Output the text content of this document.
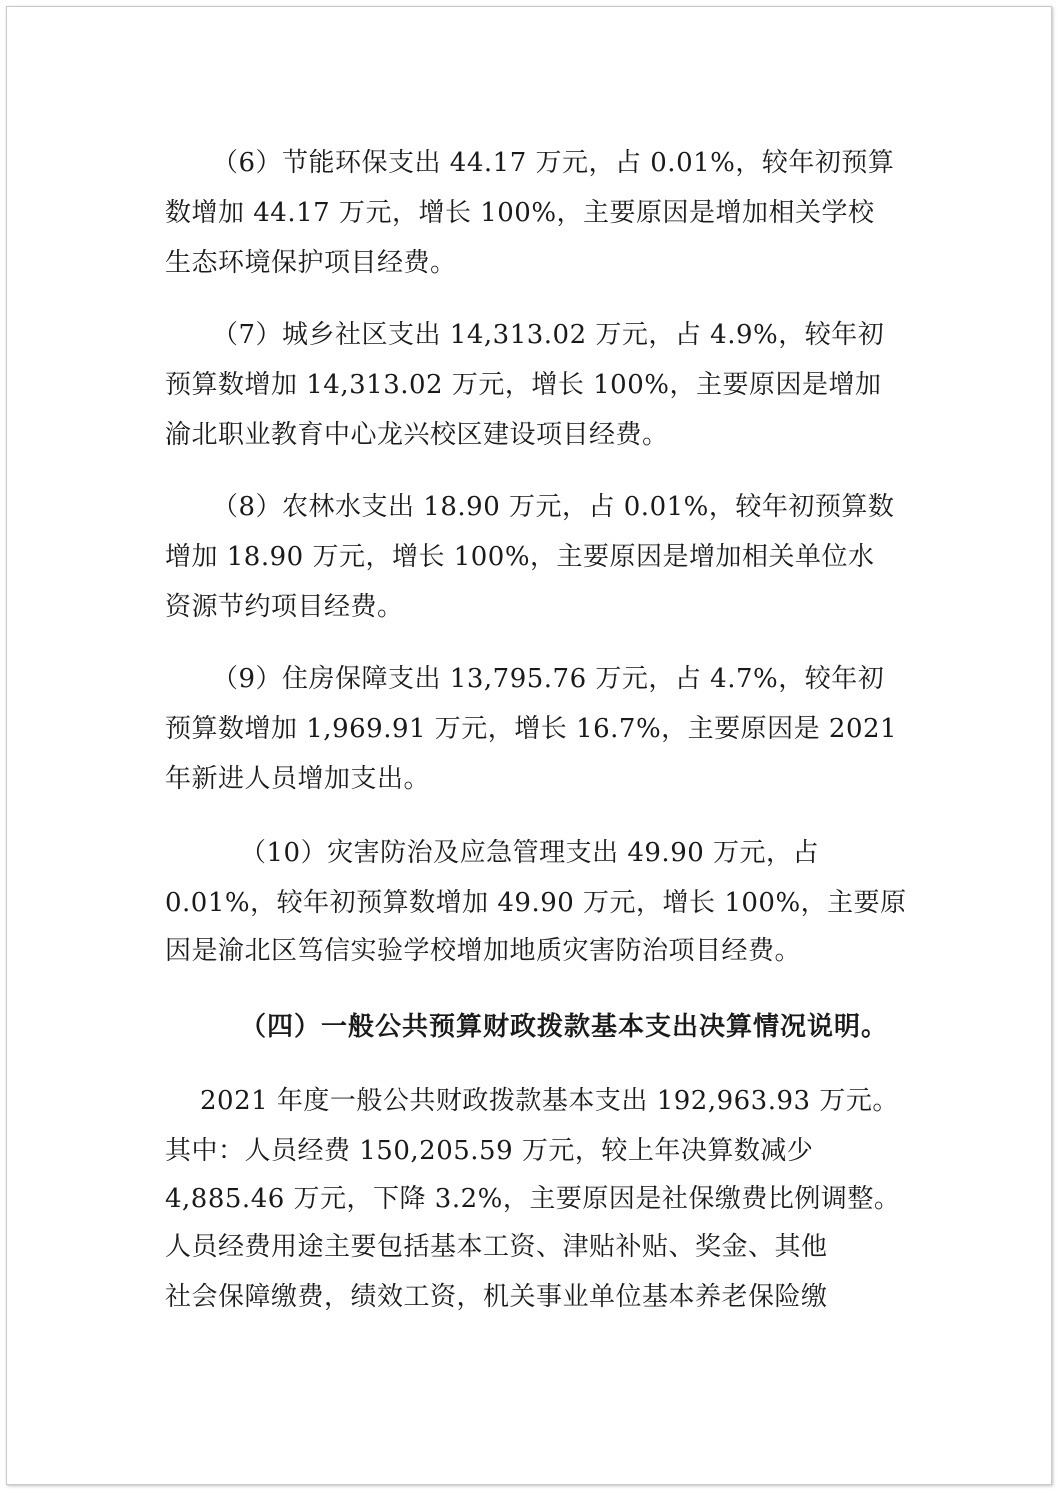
（6）节能环保支出 44.17 万元，占 0.01%，较年初预算
数增加 44.17 万元，增长 100%，主要原因是增加相关学校
生态环境保护项目经费。
（7）城乡社区支出 14,313.02 万元，占 4.9%，较年初
预算数增加 14,313.02 万元，增长 100%，主要原因是增加
渝北职业教育中心龙兴校区建设项目经费。
（8）农林水支出 18.90 万元，占 0.01%，较年初预算数
增加 18.90 万元，增长 100%，主要原因是增加相关单位水
资源节约项目经费。
（9）住房保障支出 13,795.76 万元，占 4.7%，较年初
预算数增加 1,969.91 万元，增长 16.7%，主要原因是 2021
年新进人员增加支出。
（10）灾害防治及应急管理支出 49.90 万元，占
0.01%，较年初预算数增加 49.90 万元，增长 100%，主要原
因是渝北区笃信实验学校增加地质灾害防治项目经费。
（四）一般公共预算财政拨款基本支出决算情况说明。
2021 年度一般公共财政拨款基本支出 192,963.93 万元。
其中：人员经费 150,205.59 万元，较上年决算数减少
4,885.46 万元，下降 3.2%，主要原因是社保缴费比例调整。
人员经费用途主要包括基本工资、津贴补贴、奖金、其他
社会保障缴费，绩效工资，机关事业单位基本养老保险缴
